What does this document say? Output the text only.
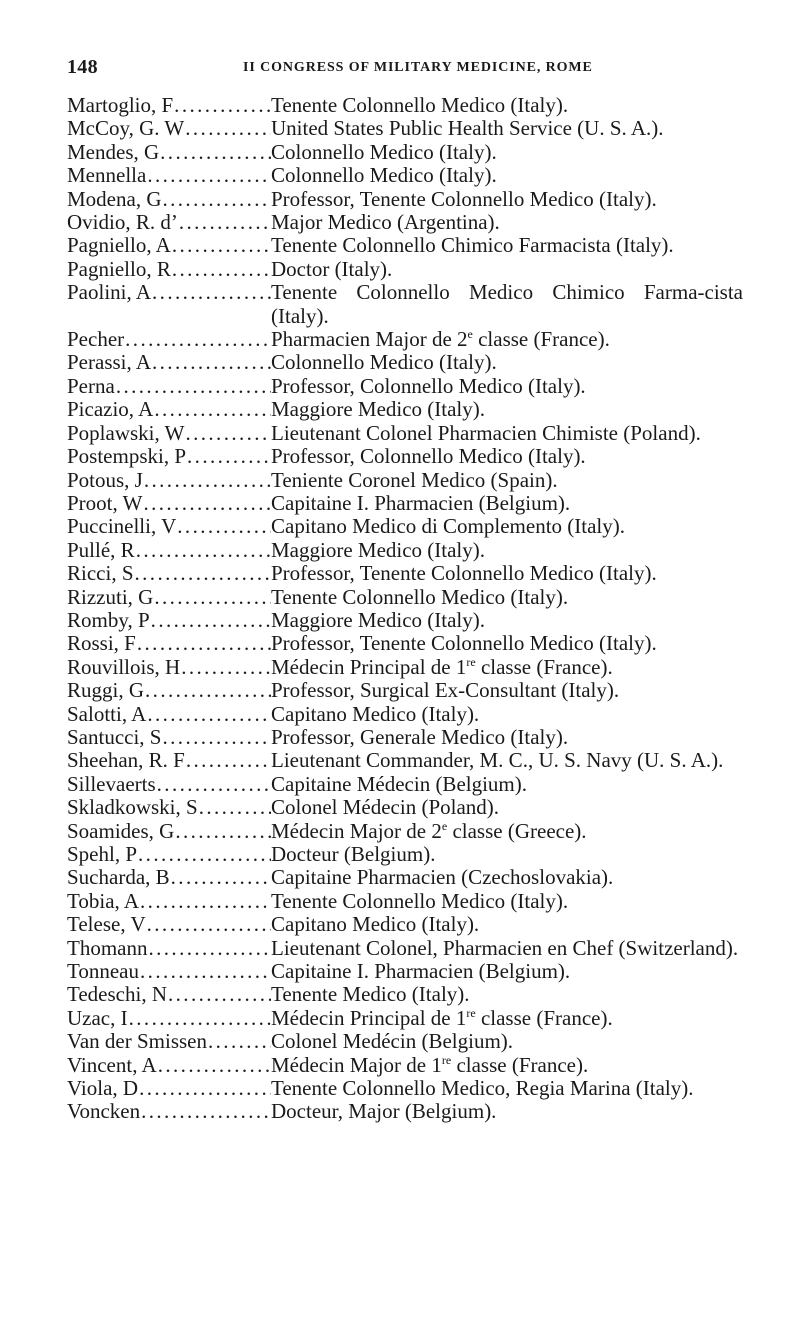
148	II CONGRESS OF MILITARY MEDICINE, ROME
Martoglio, F .....	Tenente Colonnello Medico (Italy).
McCoy, G. W .....	United States Public Health Service (U. S. A.).
Mendes, G .....	Colonnello Medico (Italy).
Mennella .....	Colonnello Medico (Italy).
Modena, G .....	Professor, Tenente Colonnello Medico (Italy).
Ovidio, R. d’ .....	Major Medico (Argentina).
Pagniello, A .....	Tenente Colonnello Chimico Farmacista (Italy).
Pagniello, R .....	Doctor (Italy).
Paolini, A .....	Tenente Colonnello Medico Chimico Farma-cista (Italy).
Pecher .....	Pharmacien Major de 2e classe (France).
Perassi, A .....	Colonnello Medico (Italy).
Perna .....	Professor, Colonnello Medico (Italy).
Picazio, A .....	Maggiore Medico (Italy).
Poplawski, W .....	Lieutenant Colonel Pharmacien Chimiste (Poland).
Postempski, P .....	Professor, Colonnello Medico (Italy).
Potous, J .....	Teniente Coronel Medico (Spain).
Proot, W .....	Capitaine I. Pharmacien (Belgium).
Puccinelli, V .....	Capitano Medico di Complemento (Italy).
Pullé, R .....	Maggiore Medico (Italy).
Ricci, S .....	Professor, Tenente Colonnello Medico (Italy).
Rizzuti, G .....	Tenente Colonnello Medico (Italy).
Romby, P .....	Maggiore Medico (Italy).
Rossi, F .....	Professor, Tenente Colonnello Medico (Italy).
Rouvillois, H .....	Médecin Principal de 1re classe (France).
Ruggi, G .....	Professor, Surgical Ex-Consultant (Italy).
Salotti, A .....	Capitano Medico (Italy).
Santucci, S .....	Professor, Generale Medico (Italy).
Sheehan, R. F .....	Lieutenant Commander, M. C., U. S. Navy (U. S. A.).
Sillevaerts .....	Capitaine Médecin (Belgium).
Skladkowski, S .....	Colonel Médecin (Poland).
Soamides, G .....	Médecin Major de 2e classe (Greece).
Spehl, P .....	Docteur (Belgium).
Sucharda, B .....	Capitaine Pharmacien (Czechoslovakia).
Tobia, A .....	Tenente Colonnello Medico (Italy).
Telese, V .....	Capitano Medico (Italy).
Thomann .....	Lieutenant Colonel, Pharmacien en Chef (Switzerland).
Tonneau .....	Capitaine I. Pharmacien (Belgium).
Tedeschi, N .....	Tenente Medico (Italy).
Uzac, I .....	Médecin Principal de 1re classe (France).
Van der Smissen .....	Colonel Medécin (Belgium).
Vincent, A .....	Médecin Major de 1re classe (France).
Viola, D .....	Tenente Colonnello Medico, Regia Marina (Italy).
Voncken .....	Docteur, Major (Belgium).
